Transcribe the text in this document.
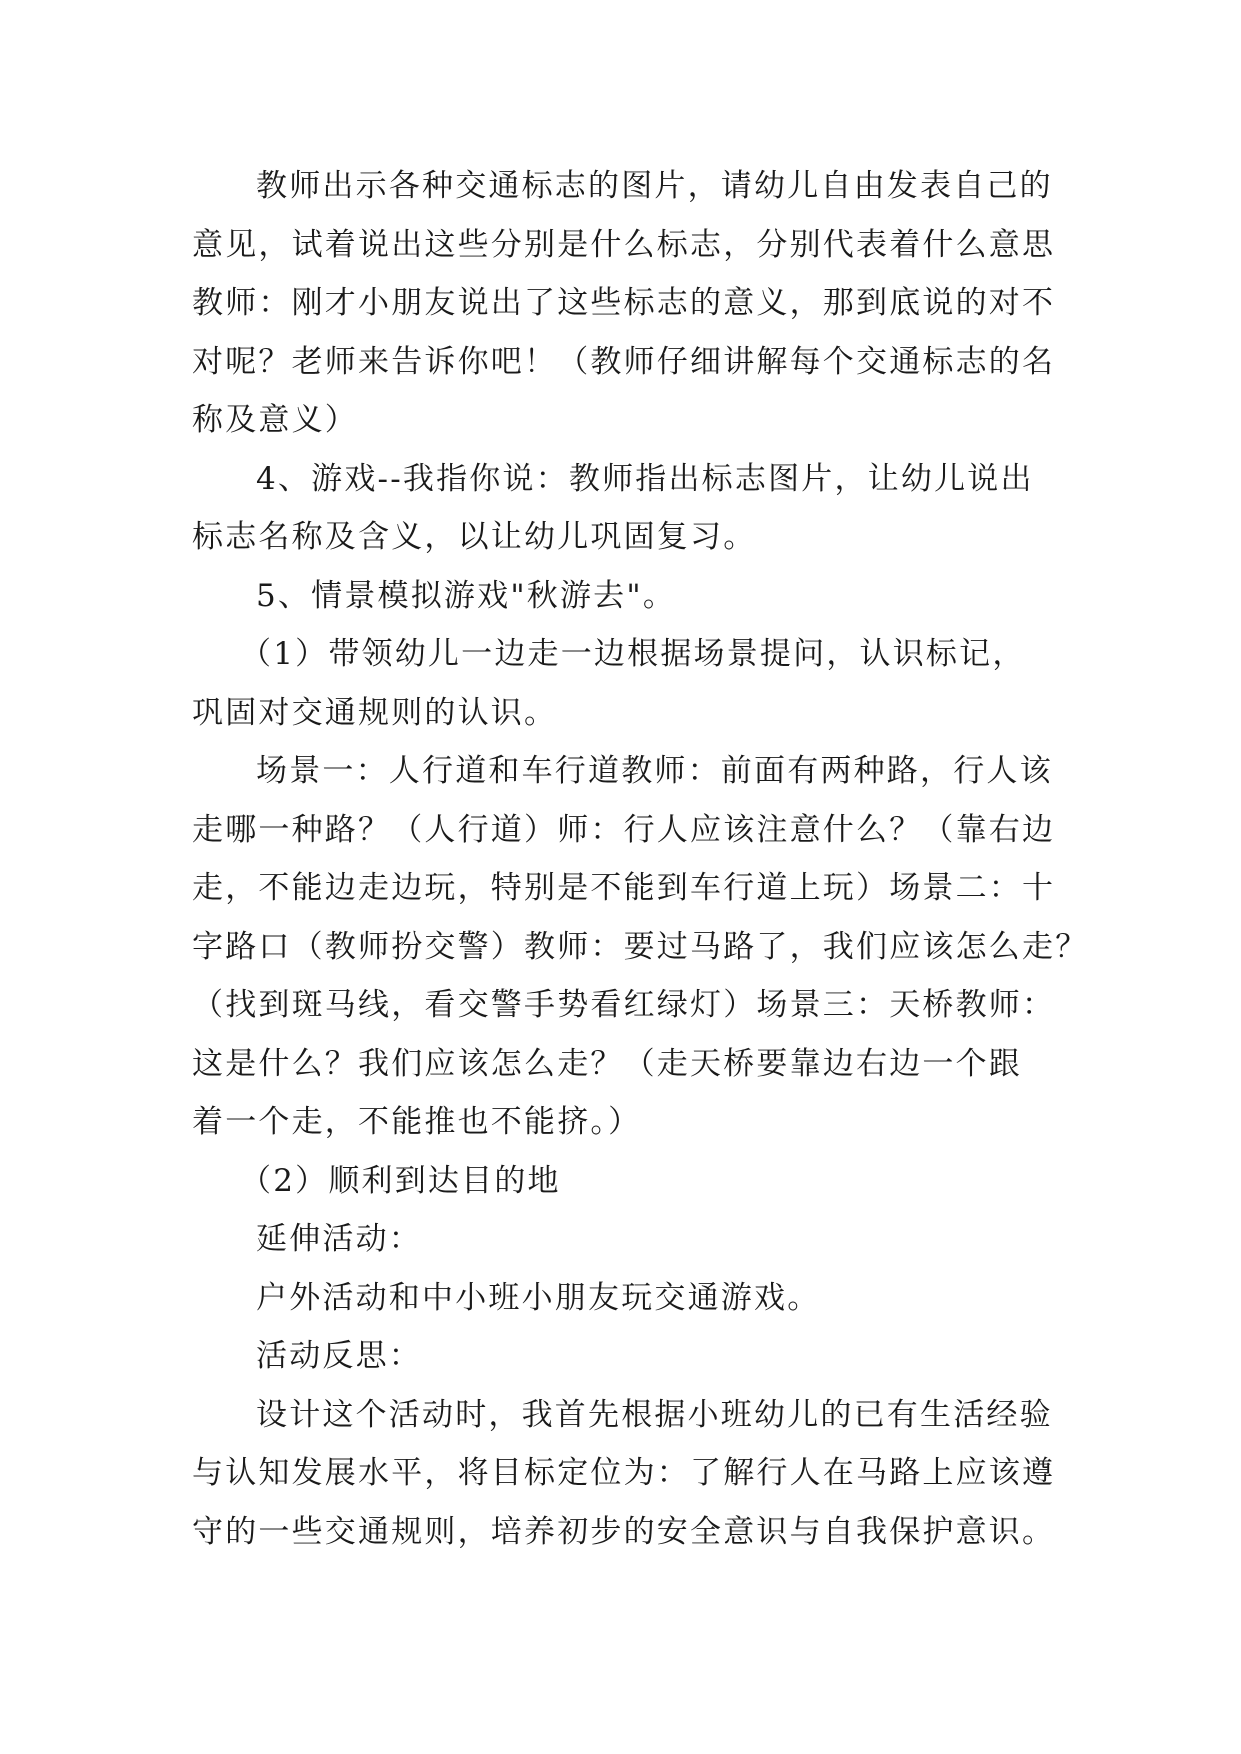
教师出示各种交通标志的图片，请幼儿自由发表自己的
意见，试着说出这些分别是什么标志，分别代表着什么意思
教师：刚才小朋友说出了这些标志的意义，那到底说的对不
对呢？老师来告诉你吧！（教师仔细讲解每个交通标志的名
称及意义）
4、游戏--我指你说：教师指出标志图片，让幼儿说出
标志名称及含义，以让幼儿巩固复习。
5、情景模拟游戏"秋游去"。
（1）带领幼儿一边走一边根据场景提问，认识标记，
巩固对交通规则的认识。
场景一：人行道和车行道教师：前面有两种路，行人该
走哪一种路？（人行道）师：行人应该注意什么？（靠右边
走，不能边走边玩，特别是不能到车行道上玩）场景二：十
字路口（教师扮交警）教师：要过马路了，我们应该怎么走？
（找到斑马线，看交警手势看红绿灯）场景三：天桥教师：
这是什么？我们应该怎么走？（走天桥要靠边右边一个跟
着一个走，不能推也不能挤。）
（2）顺利到达目的地
延伸活动：
户外活动和中小班小朋友玩交通游戏。
活动反思：
设计这个活动时，我首先根据小班幼儿的已有生活经验
与认知发展水平，将目标定位为：了解行人在马路上应该遵
守的一些交通规则，培养初步的安全意识与自我保护意识。
